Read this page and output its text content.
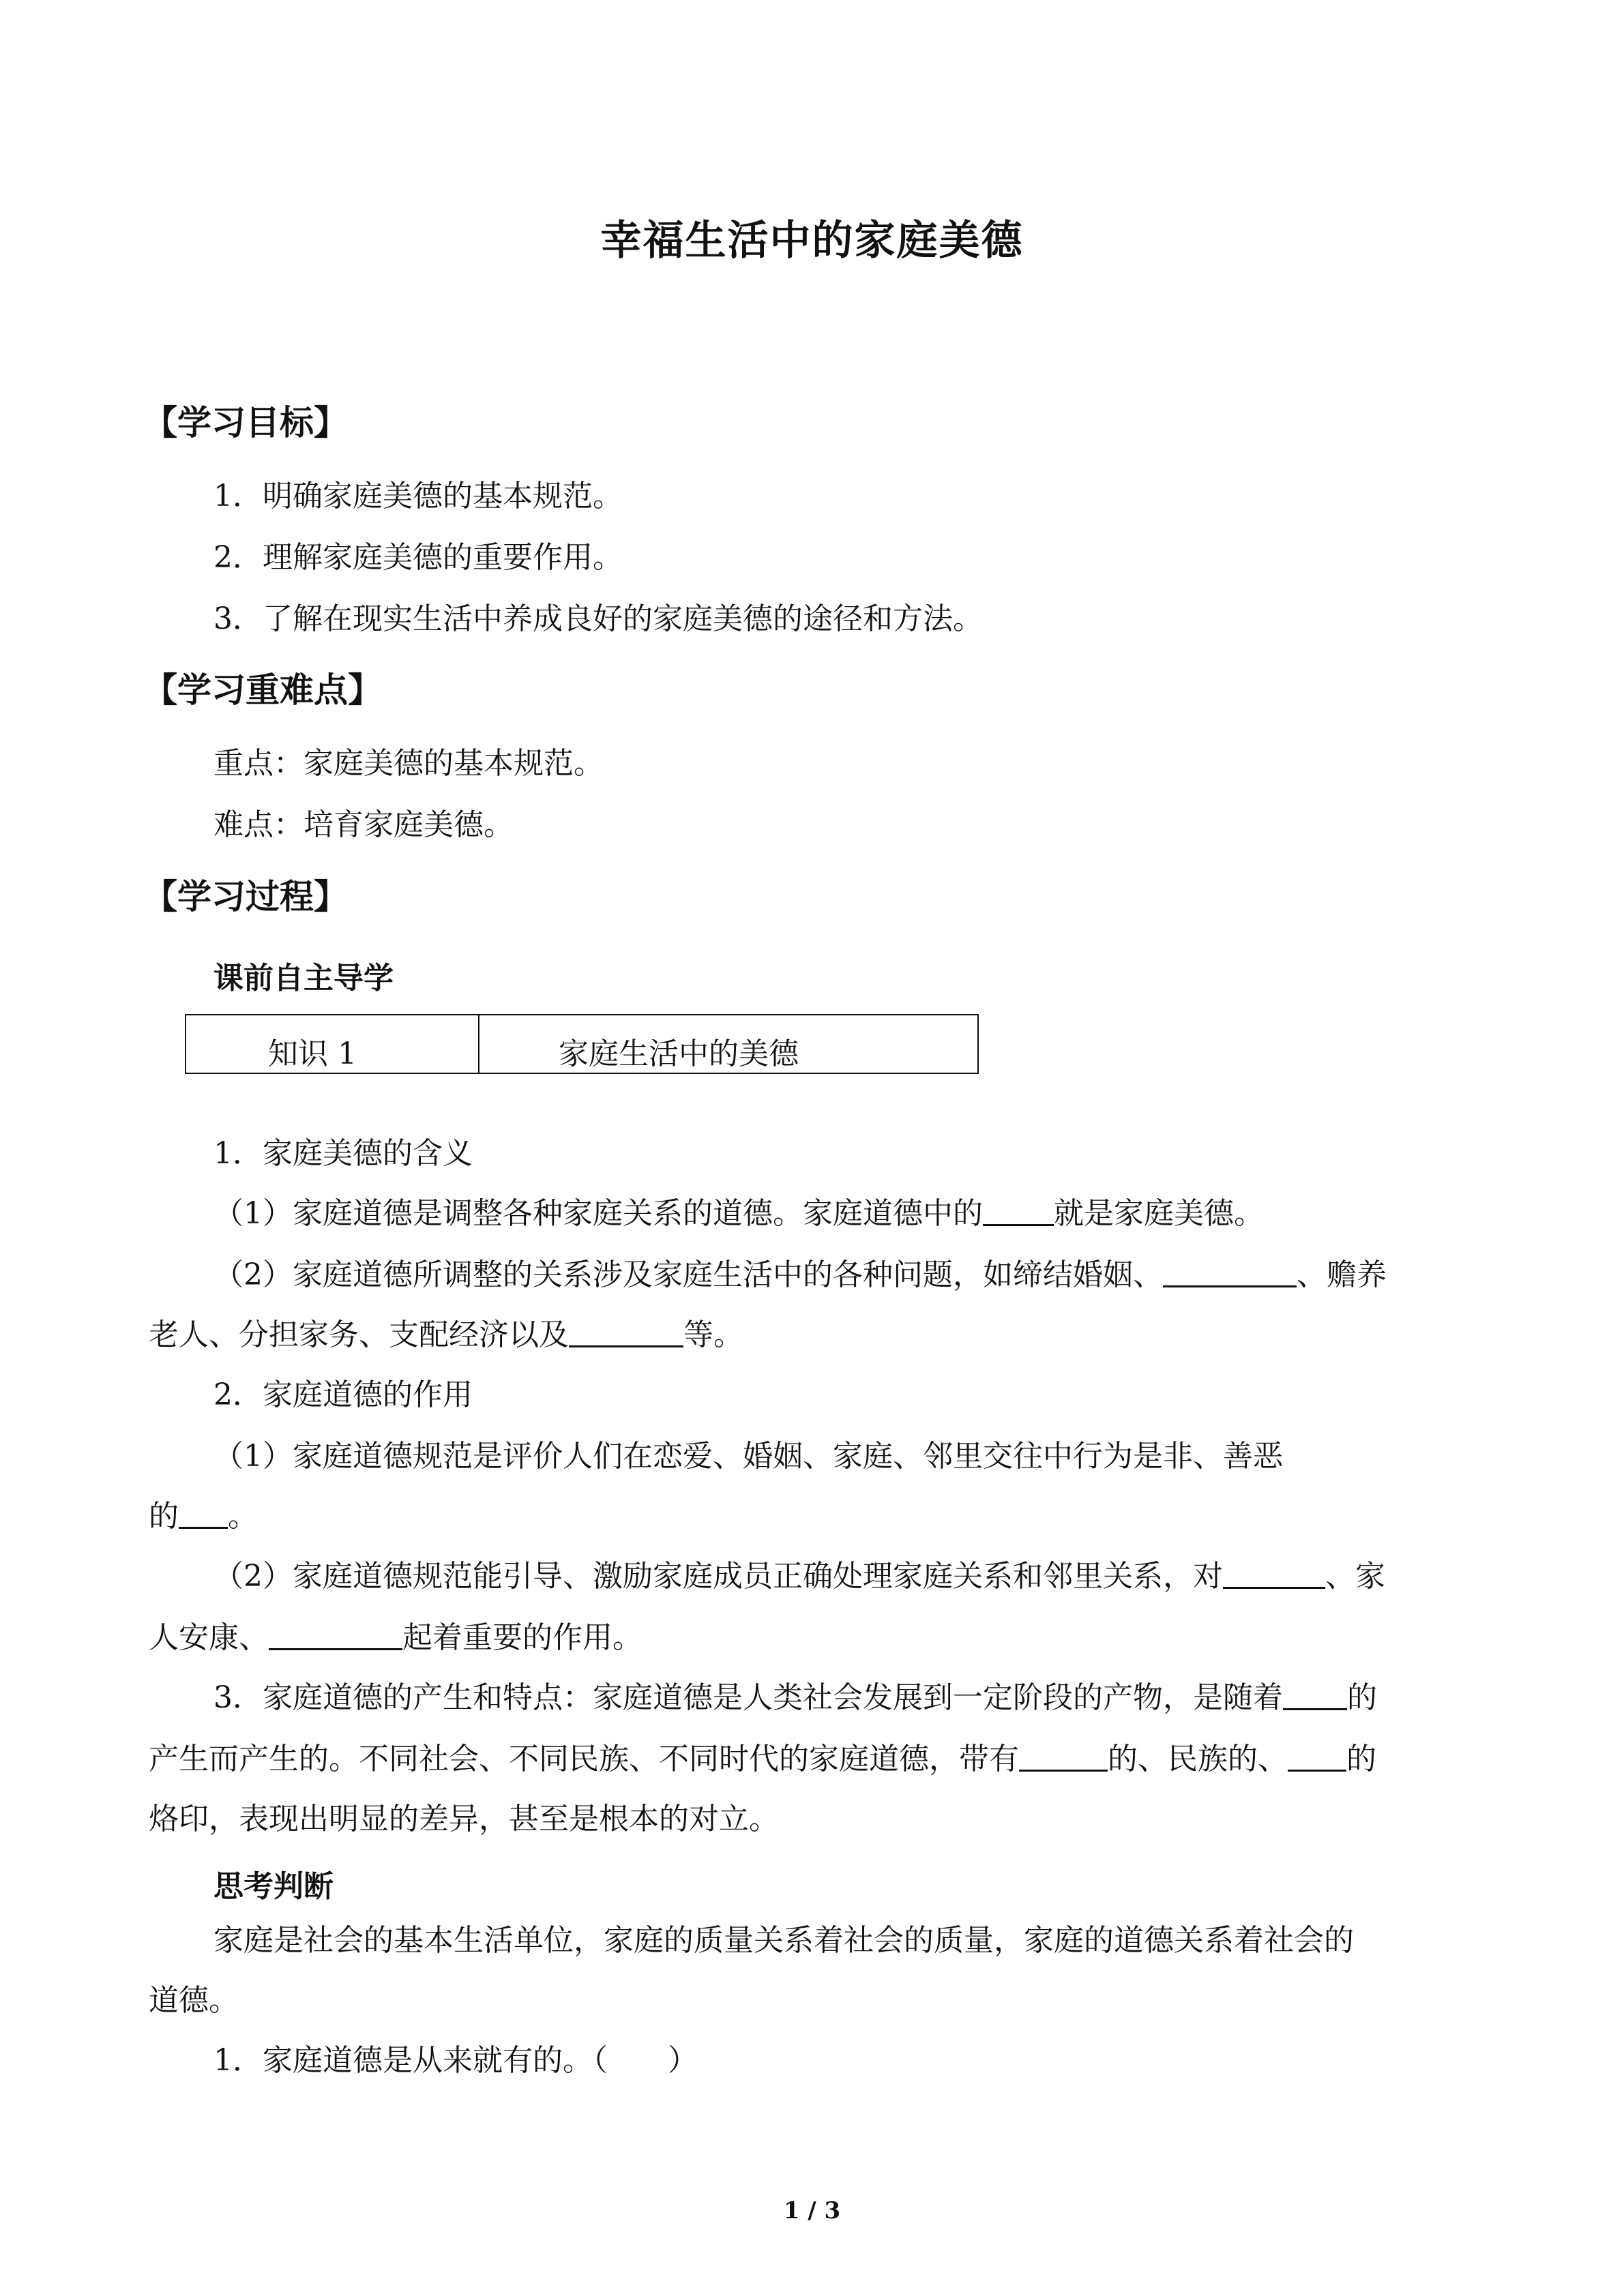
幸福生活中的家庭美德
【学习目标】
1．明确家庭美德的基本规范。
2．理解家庭美德的重要作用。
3．了解在现实生活中养成良好的家庭美德的途径和方法。
【学习重难点】
重点：家庭美德的基本规范。
难点：培育家庭美德。
【学习过程】
课前自主导学
知识 1	家庭生活中的美德
1．家庭美德的含义
（1）家庭道德是调整各种家庭关系的道德。家庭道德中的 就是家庭美德。
（2）家庭道德所调整的关系涉及家庭生活中的各种问题，如缔结婚姻、	、赡养
老人、分担家务、支配经济以及	等。
2．家庭道德的作用
（1）家庭道德规范是评价人们在恋爱、婚姻、家庭、邻里交往中行为是非、善恶
的 。
（2）家庭道德规范能引导、激励家庭成员正确处理家庭关系和邻里关系，对	、家
人安康、	起着重要的作用。
3．家庭道德的产生和特点：家庭道德是人类社会发展到一定阶段的产物，是随着 的
产生而产生的。不同社会、不同民族、不同时代的家庭道德，带有	的、民族的、 的
烙印，表现出明显的差异，甚至是根本的对立。
思考判断
家庭是社会的基本生活单位，家庭的质量关系着社会的质量，家庭的道德关系着社会的
道德。
1．家庭道德是从来就有的。（　　）
1 / 3
